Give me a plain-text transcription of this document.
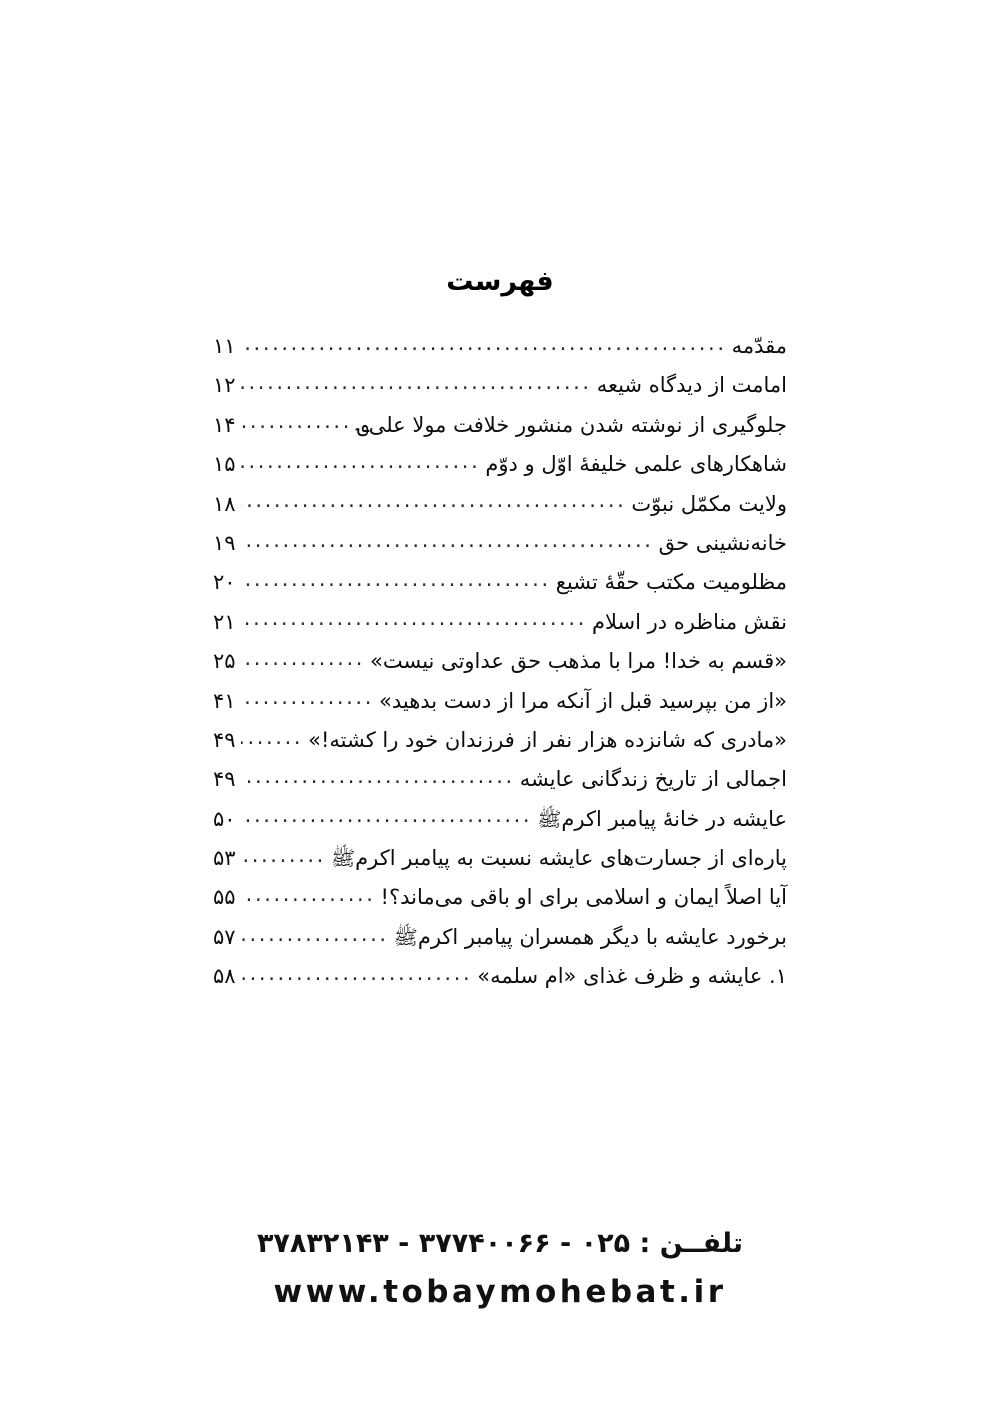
فهرست
مقدّمه
.....
۱۱
امامت از دیدگاه شیعه
.....
۱۲
جلوگیری از نوشته شدن منشور خلافت مولا علی
؈
.....
۱۴
شاهکارهای علمی خلیفۀ اوّل و دوّم
.....
۱۵
ولایت مکمّل نبوّت
.....
۱۸
خانه‌نشینی حق
.....
۱۹
مظلومیت مکتب حقّۀ تشیع
.....
۲۰
نقش مناظره در اسلام
.....
۲۱
«قسم به خدا! مرا با مذهب حق عداوتی نیست»
.....
۲۵
«از من بپرسید قبل از آنکه مرا از دست بدهید»
.....
۴۱
«مادری که شانزده هزار نفر از فرزندان خود را کشته!»
.....
۴۹
اجمالی از تاریخ زندگانی عایشه
.....
۴۹
عایشه در خانۀ پیامبر اکرم
ﷺ
.....
۵۰
پاره‌ای از جسارت‌های عایشه نسبت به پیامبر اکرم
ﷺ
.....
۵۳
آیا اصلاً ایمان و اسلامی برای او باقی می‌ماند؟!
.....
۵۵
برخورد عایشه با دیگر همسران پیامبر اکرم
ﷺ
.....
۵۷
۱. عایشه و ظرف غذای «ام سلمه»
.....
۵۸
تلفــن : ۰۲۵ - ۳۷۷۴۰۰۶۶ - ۳۷۸۳۲۱۴۳
www.tobaymohebat.ir
